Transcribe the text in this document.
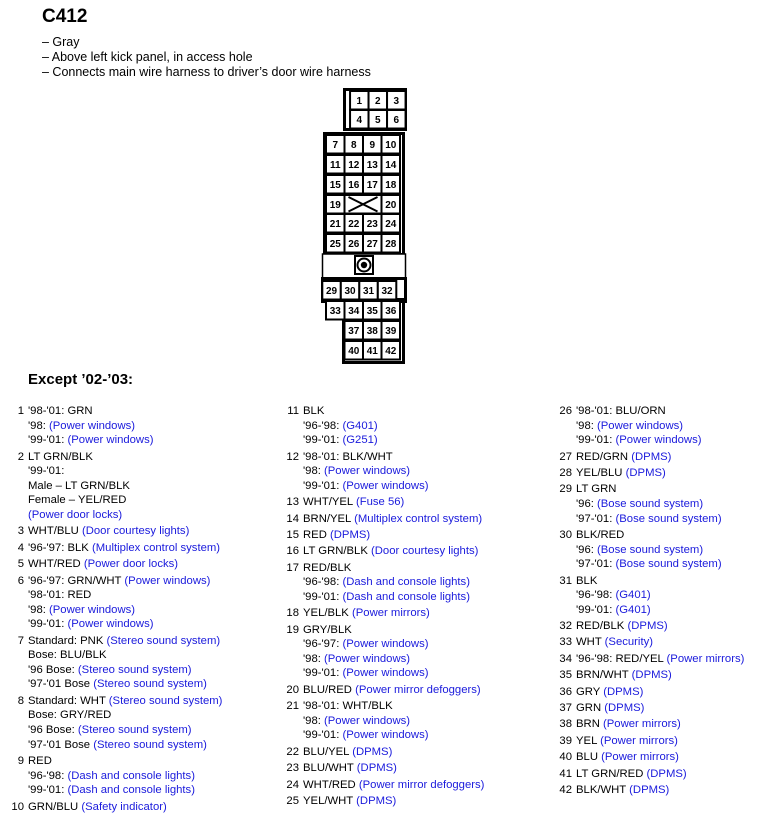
C412
– Gray
– Above left kick panel, in access hole
– Connects main wire harness to driver’s door wire harness
1 2 3
4 5 6
7 8 9 10
11 12 13 14
15 16 17 18
19	20
21 22 23 24
25 26 27 28
29 30 31 32
33 34 35 36
37 38 39
40 41 42
Except ’02-’03:
1 '98-'01: GRN
'98: (Power windows)
'99-'01: (Power windows)
2 LT GRN/BLK
'99-'01:
Male – LT GRN/BLK
Female – YEL/RED
(Power door locks)
3 WHT/BLU (Door courtesy lights)
4 '96-'97: BLK (Multiplex control system)
5 WHT/RED (Power door locks)
6 '96-'97: GRN/WHT (Power windows)
'98-'01: RED
'98: (Power windows)
'99-'01: (Power windows)
7 Standard: PNK (Stereo sound system)
Bose: BLU/BLK
'96 Bose: (Stereo sound system)
'97-'01 Bose (Stereo sound system)
8 Standard: WHT (Stereo sound system)
Bose: GRY/RED
'96 Bose: (Stereo sound system)
'97-'01 Bose (Stereo sound system)
9 RED
'96-'98: (Dash and console lights)
'99-'01: (Dash and console lights)
10 GRN/BLU (Safety indicator)
11 BLK
'96-'98: (G401)
'99-'01: (G251)
12 '98-'01: BLK/WHT
'98: (Power windows)
'99-'01: (Power windows)
13 WHT/YEL (Fuse 56)
14 BRN/YEL (Multiplex control system)
15 RED (DPMS)
16 LT GRN/BLK (Door courtesy lights)
17 RED/BLK
'96-'98: (Dash and console lights)
'99-'01: (Dash and console lights)
18 YEL/BLK (Power mirrors)
19 GRY/BLK
'96-'97: (Power windows)
'98: (Power windows)
'99-'01: (Power windows)
20 BLU/RED (Power mirror defoggers)
21 '98-'01: WHT/BLK
'98: (Power windows)
'99-'01: (Power windows)
22 BLU/YEL (DPMS)
23 BLU/WHT (DPMS)
24 WHT/RED (Power mirror defoggers)
25 YEL/WHT (DPMS)
26 '98-'01: BLU/ORN
'98: (Power windows)
'99-'01: (Power windows)
27 RED/GRN (DPMS)
28 YEL/BLU (DPMS)
29 LT GRN
'96: (Bose sound system)
'97-'01: (Bose sound system)
30 BLK/RED
'96: (Bose sound system)
'97-'01: (Bose sound system)
31 BLK
'96-'98: (G401)
'99-'01: (G401)
32 RED/BLK (DPMS)
33 WHT (Security)
34 '96-'98: RED/YEL (Power mirrors)
35 BRN/WHT (DPMS)
36 GRY (DPMS)
37 GRN (DPMS)
38 BRN (Power mirrors)
39 YEL (Power mirrors)
40 BLU (Power mirrors)
41 LT GRN/RED (DPMS)
42 BLK/WHT (DPMS)
